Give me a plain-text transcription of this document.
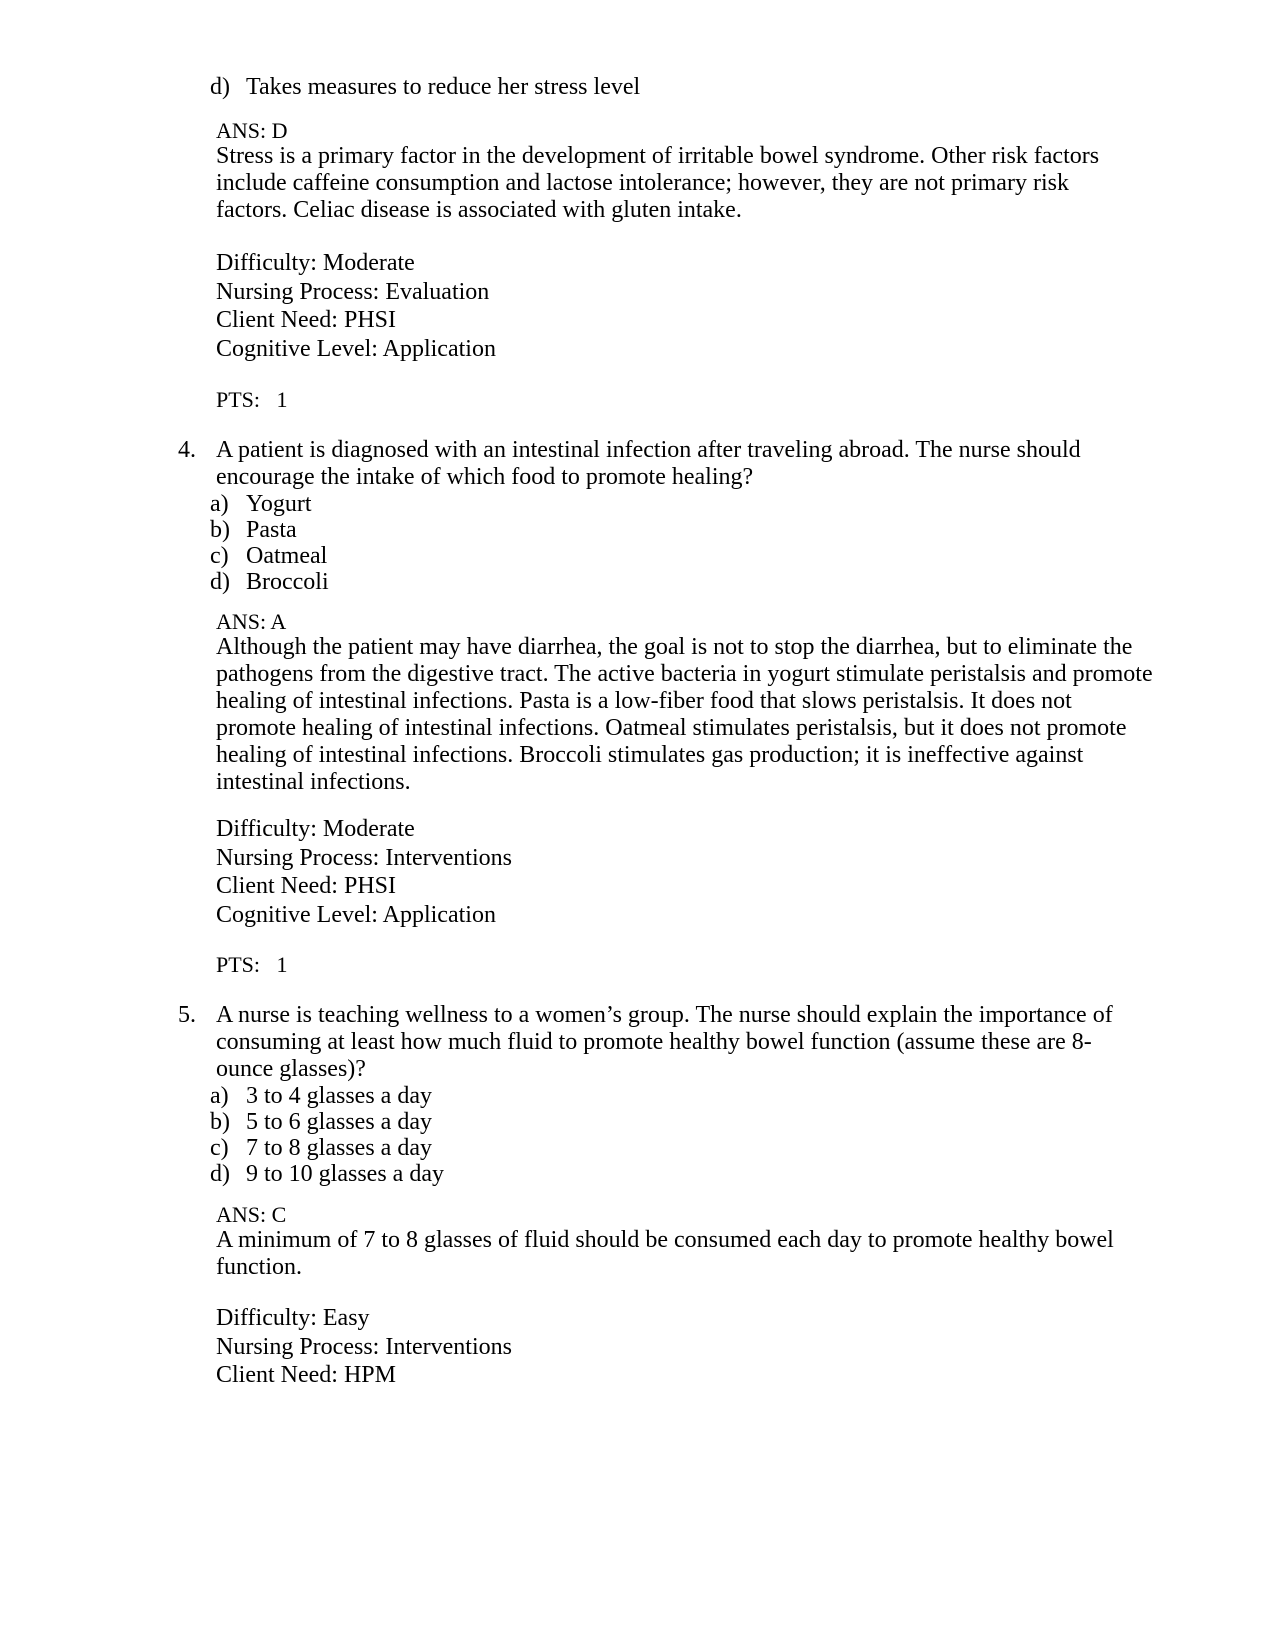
d) Takes measures to reduce her stress level
ANS: D
Stress is a primary factor in the development of irritable bowel syndrome. Other risk factors include caffeine consumption and lactose intolerance; however, they are not primary risk factors. Celiac disease is associated with gluten intake.
Difficulty: Moderate
Nursing Process: Evaluation
Client Need: PHSI
Cognitive Level: Application
PTS:   1
4. A patient is diagnosed with an intestinal infection after traveling abroad. The nurse should encourage the intake of which food to promote healing?
a) Yogurt
b) Pasta
c) Oatmeal
d) Broccoli
ANS: A
Although the patient may have diarrhea, the goal is not to stop the diarrhea, but to eliminate the pathogens from the digestive tract. The active bacteria in yogurt stimulate peristalsis and promote healing of intestinal infections. Pasta is a low-fiber food that slows peristalsis. It does not promote healing of intestinal infections. Oatmeal stimulates peristalsis, but it does not promote healing of intestinal infections. Broccoli stimulates gas production; it is ineffective against intestinal infections.
Difficulty: Moderate
Nursing Process: Interventions
Client Need: PHSI
Cognitive Level: Application
PTS:   1
5. A nurse is teaching wellness to a women’s group. The nurse should explain the importance of consuming at least how much fluid to promote healthy bowel function (assume these are 8-ounce glasses)?
a) 3 to 4 glasses a day
b) 5 to 6 glasses a day
c) 7 to 8 glasses a day
d) 9 to 10 glasses a day
ANS: C
A minimum of 7 to 8 glasses of fluid should be consumed each day to promote healthy bowel function.
Difficulty: Easy
Nursing Process: Interventions
Client Need: HPM
